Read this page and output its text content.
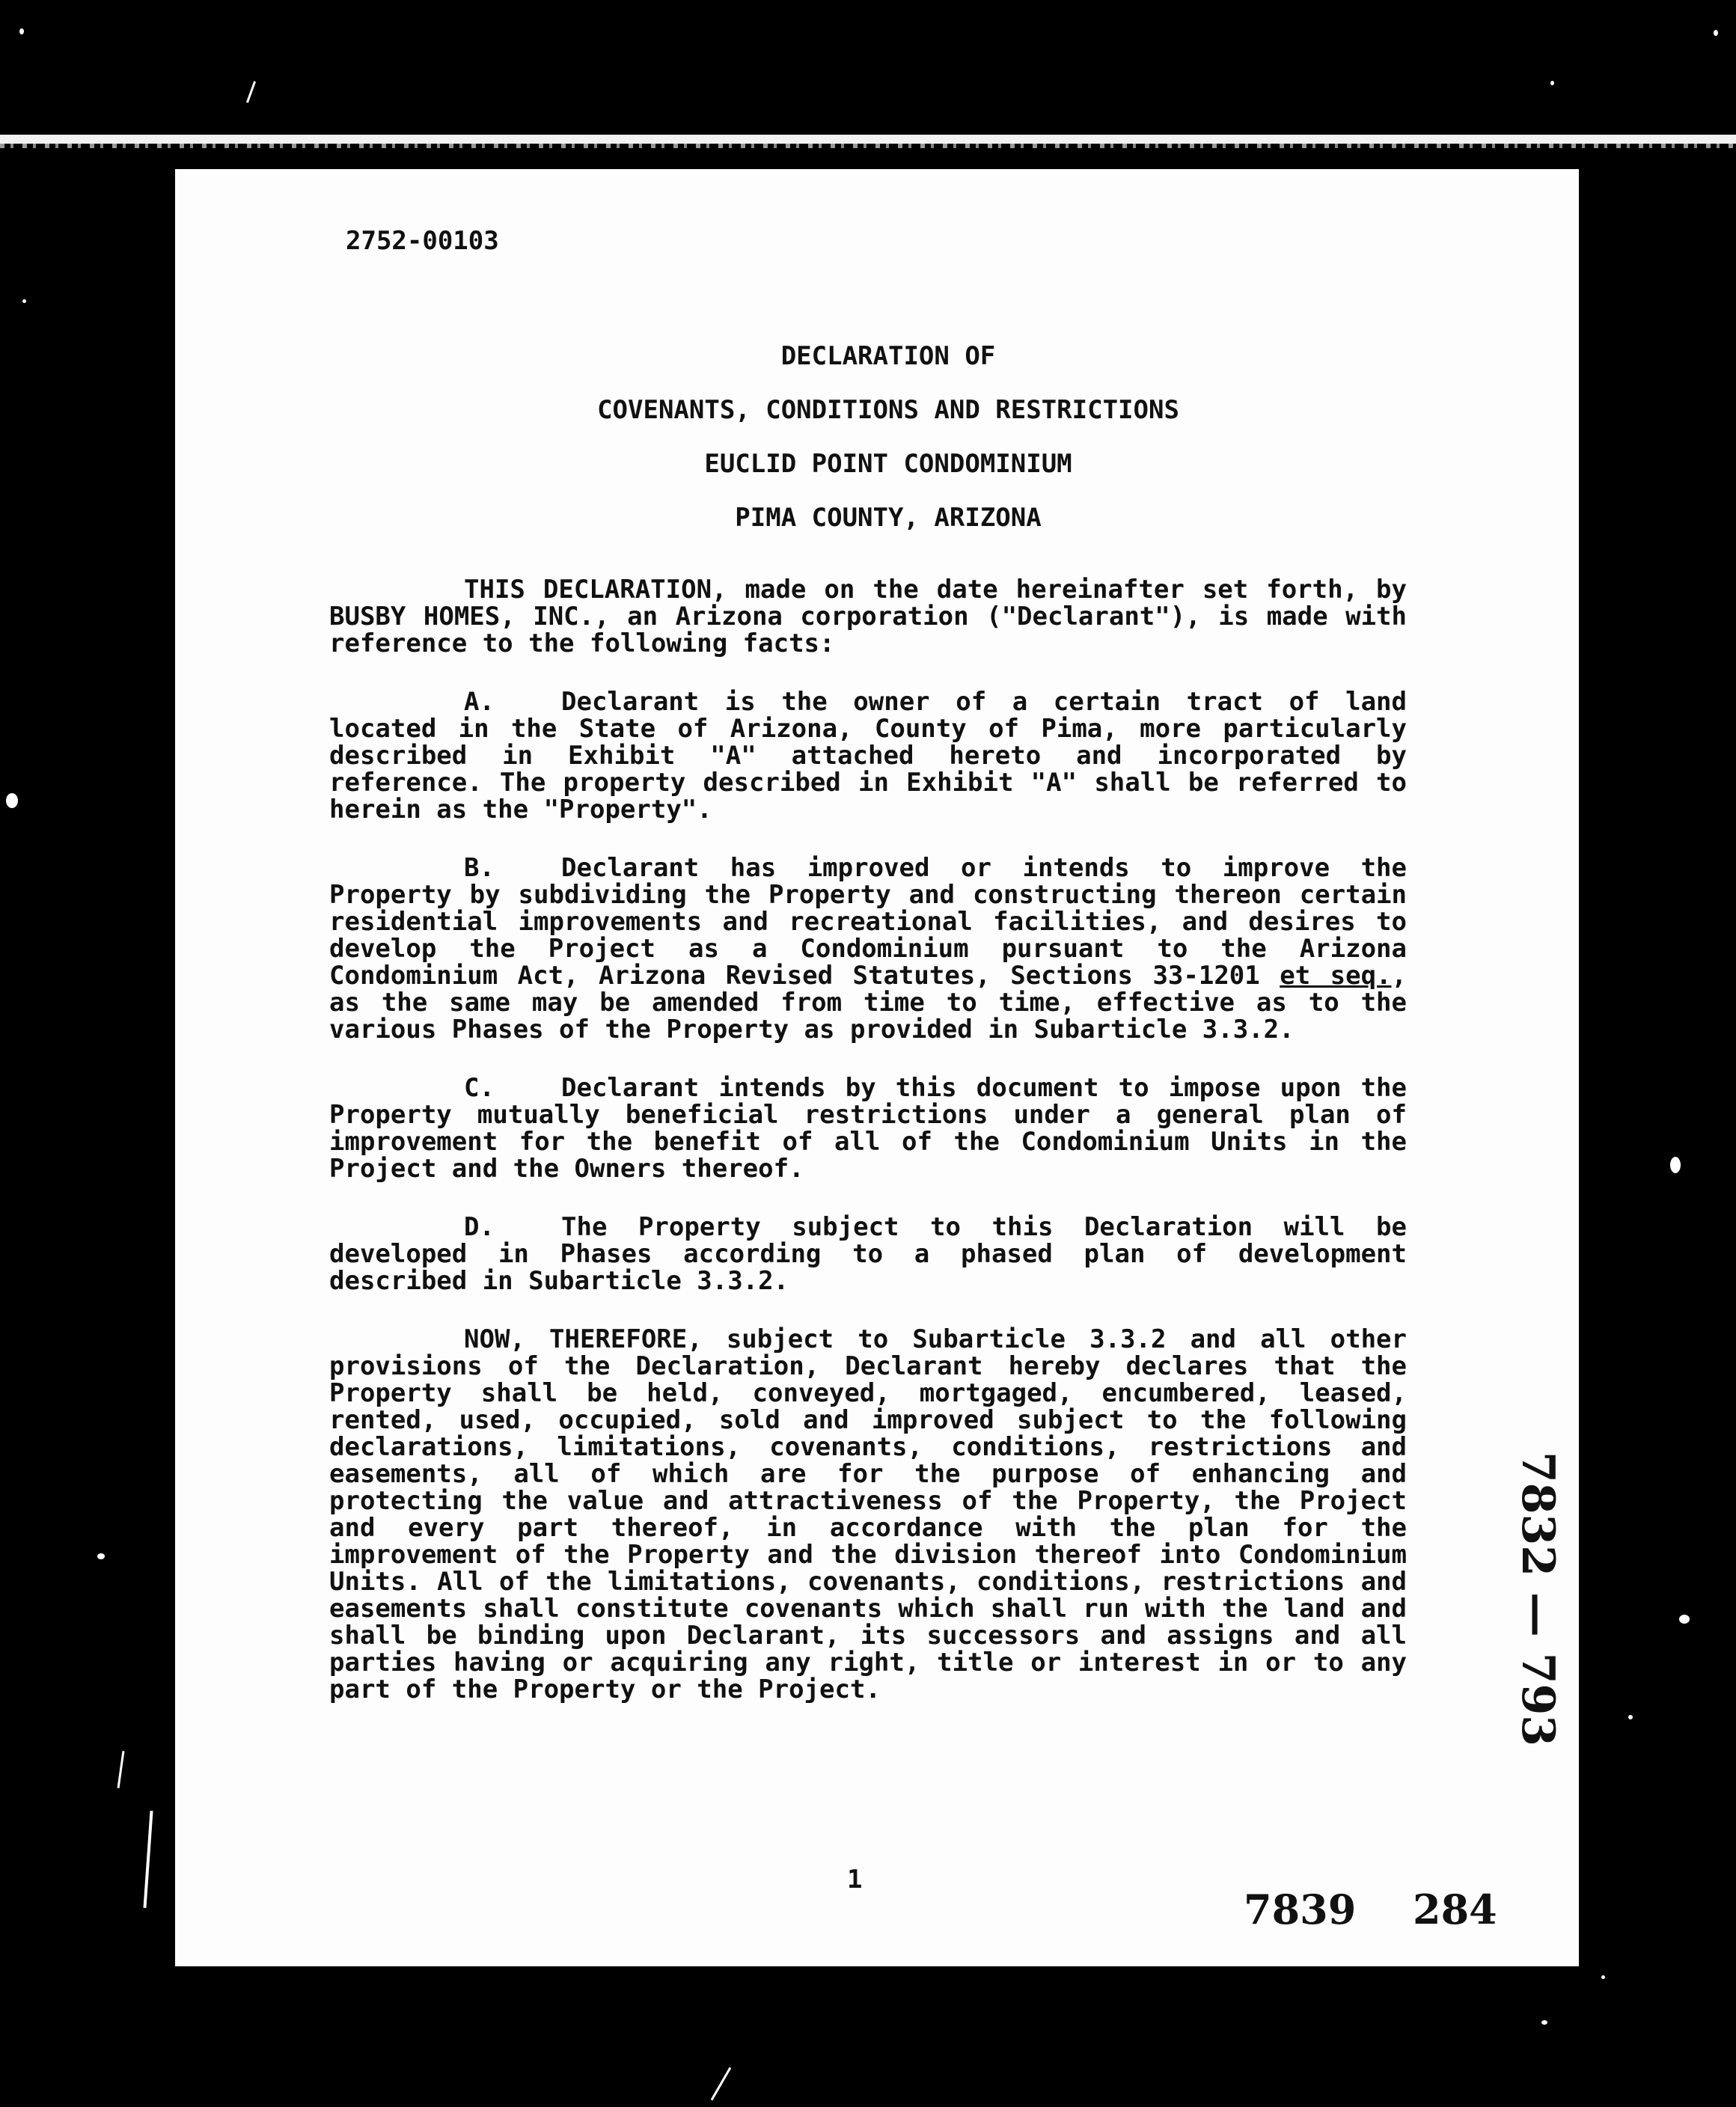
2752-00103
DECLARATION OF
COVENANTS, CONDITIONS AND RESTRICTIONS
EUCLID POINT CONDOMINIUM
PIMA COUNTY, ARIZONA

THIS DECLARATION, made on the date hereinafter set forth, by BUSBY HOMES, INC., an Arizona corporation ("Declarant"), is made with reference to the following facts:

A.	Declarant is the owner of a certain tract of land located in the State of Arizona, County of Pima, more particularly described in Exhibit "A" attached hereto and incorporated by reference. The property described in Exhibit "A" shall be referred to herein as the "Property".

B.	Declarant has improved or intends to improve the Property by subdividing the Property and constructing thereon certain residential improvements and recreational facilities, and desires to develop the Project as a Condominium pursuant to the Arizona Condominium Act, Arizona Revised Statutes, Sections 33-1201 et seq., as the same may be amended from time to time, effective as to the various Phases of the Property as provided in Subarticle 3.3.2.

C.	Declarant intends by this document to impose upon the Property mutually beneficial restrictions under a general plan of improvement for the benefit of all of the Condominium Units in the Project and the Owners thereof.

D.	The Property subject to this Declaration will be developed in Phases according to a phased plan of development described in Subarticle 3.3.2.

NOW, THEREFORE, subject to Subarticle 3.3.2 and all other provisions of the Declaration, Declarant hereby declares that the Property shall be held, conveyed, mortgaged, encumbered, leased, rented, used, occupied, sold and improved subject to the following declarations, limitations, covenants, conditions, restrictions and easements, all of which are for the purpose of enhancing and protecting the value and attractiveness of the Property, the Project and every part thereof, in accordance with the plan for the improvement of the Property and the division thereof into Condominium Units. All of the limitations, covenants, conditions, restrictions and easements shall constitute covenants which shall run with the land and shall be binding upon Declarant, its successors and assigns and all parties having or acquiring any right, title or interest in or to any part of the Property or the Project.

1
7839 284
7832 — 793
